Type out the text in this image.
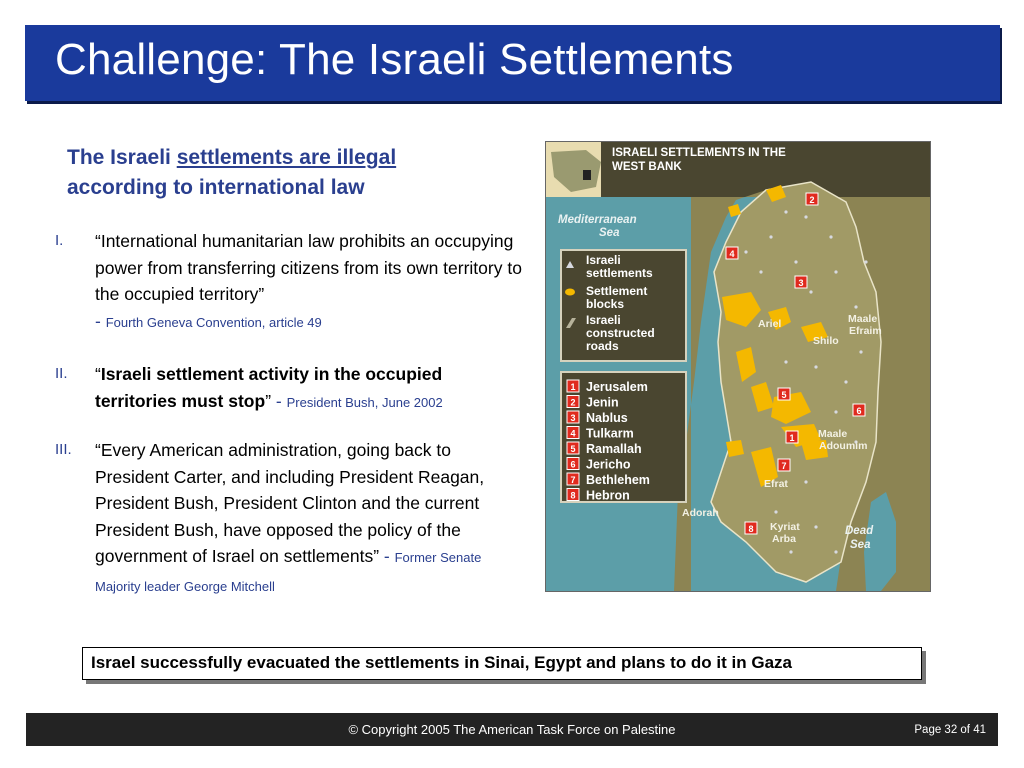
Challenge: The Israeli Settlements
The Israeli settlements are illegal
according to international law
I. “International humanitarian law prohibits an occupying power from transferring citizens from its own territory to the occupied territory”
- Fourth Geneva Convention, article 49
II. “Israeli settlement activity in the occupied territories must stop” - President Bush, June 2002
III. “Every American administration, going back to President Carter, and including President Reagan, President Bush, President Clinton and the current President Bush, have opposed the policy of the government of Israel on settlements” - Former Senate Majority leader George Mitchell
ISRAELI SETTLEMENTS IN THE
WEST BANK
Dead
Sea
Mediterranean
Sea
2
4
3
5
6
1
7
8
Ariel
Shilo
Maale
Efraim
Maale
Adoumim
Efrat
Adorah
Kyriat
Arba
Israeli
settlements
Settlement
blocks
Israeli
constructed
roads
1 Jerusalem
2 Jenin
3 Nablus
4 Tulkarm
5 Ramallah
6 Jericho
7 Bethlehem
8 Hebron
Israel successfully evacuated the settlements in Sinai, Egypt and plans to do it in Gaza
© Copyright 2005 The American Task Force on Palestine	Page 32 of 41
